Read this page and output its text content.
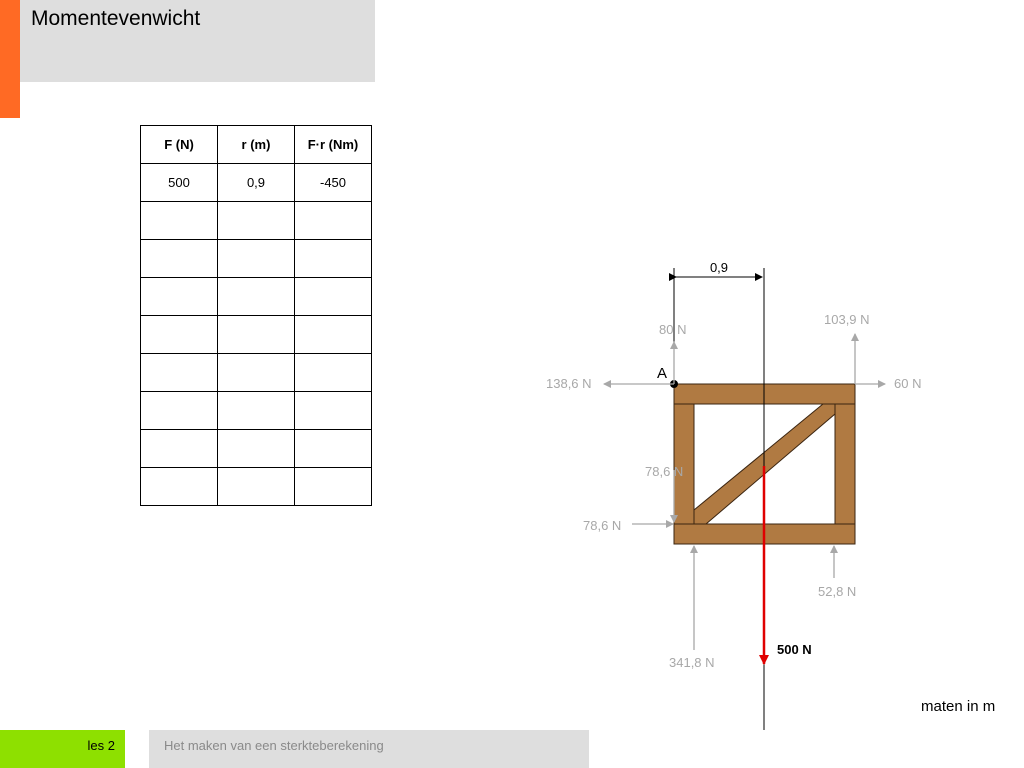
Momentevenwicht
F (N)	r (m)	F·r (Nm)
500	0,9	-450

0,9
A
80 N
103,9 N
138,6 N	60 N
78,6 N
78,6 N
52,8 N
341,8 N
500 N
maten in m
les 2	Het maken van een sterkteberekening
